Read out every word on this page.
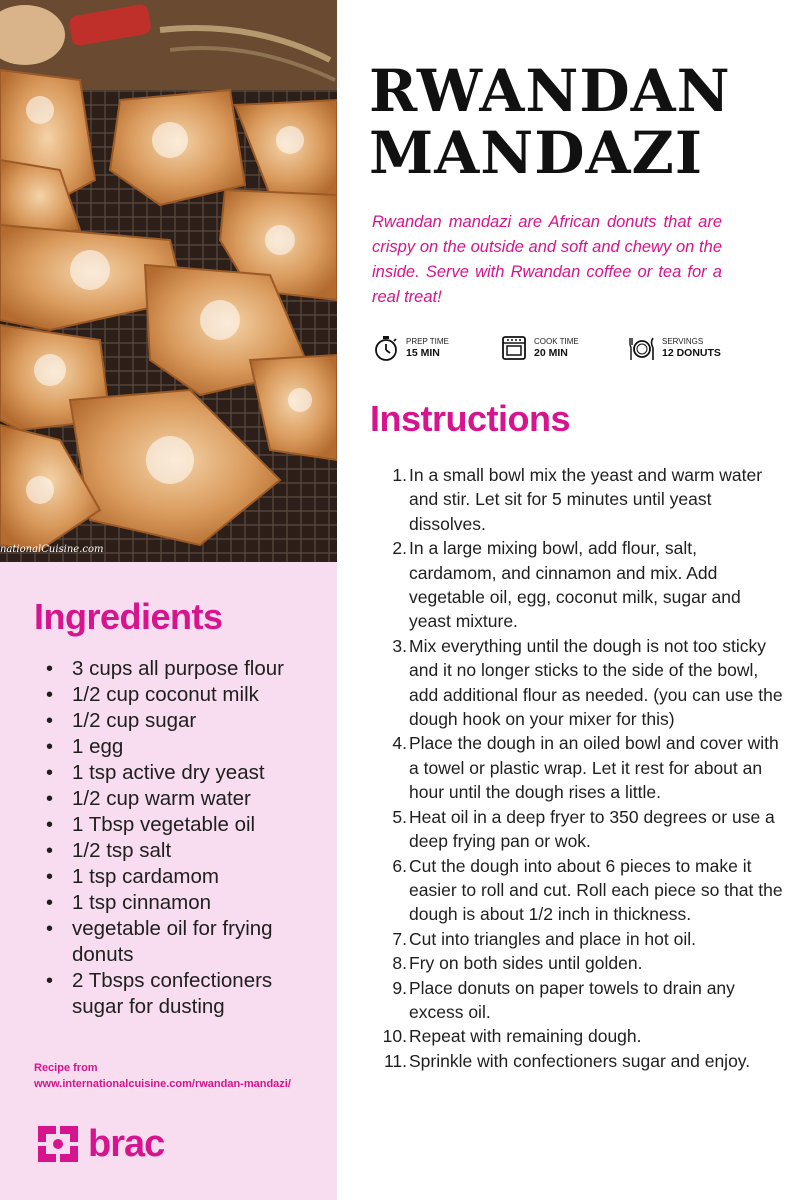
nationalCuisine.com
Ingredients
• 3 cups all purpose flour
• 1/2 cup coconut milk
• 1/2 cup sugar
• 1 egg
• 1 tsp active dry yeast
• 1/2 cup warm water
• 1 Tbsp vegetable oil
• 1/2 tsp salt
• 1 tsp cardamom
• 1 tsp cinnamon
• vegetable oil for frying donuts
• 2 Tbsps confectioners sugar for dusting
Recipe from
www.internationalcuisine.com/rwandan-mandazi/
brac
RWANDAN
MANDAZI

Rwandan mandazi are African donuts that are crispy on the outside and soft and chewy on the inside. Serve with Rwandan coffee or tea for a real treat!

PREP TIME
15 MIN
COOK TIME
20 MIN
SERVINGS
12 DONUTS
Instructions
1. In a small bowl mix the yeast and warm water and stir. Let sit for 5 minutes until yeast dissolves.
2. In a large mixing bowl, add flour, salt, cardamom, and cinnamon and mix. Add vegetable oil, egg, coconut milk, sugar and yeast mixture.
3. Mix everything until the dough is not too sticky and it no longer sticks to the side of the bowl, add additional flour as needed. (you can use the dough hook on your mixer for this)
4. Place the dough in an oiled bowl and cover with a towel or plastic wrap. Let it rest for about an hour until the dough rises a little.
5. Heat oil in a deep fryer to 350 degrees or use a deep frying pan or wok.
6. Cut the dough into about 6 pieces to make it easier to roll and cut. Roll each piece so that the dough is about 1/2 inch in thickness.
7. Cut into triangles and place in hot oil.
8. Fry on both sides until golden.
9. Place donuts on paper towels to drain any excess oil.
10. Repeat with remaining dough.
11. Sprinkle with confectioners sugar and enjoy.
